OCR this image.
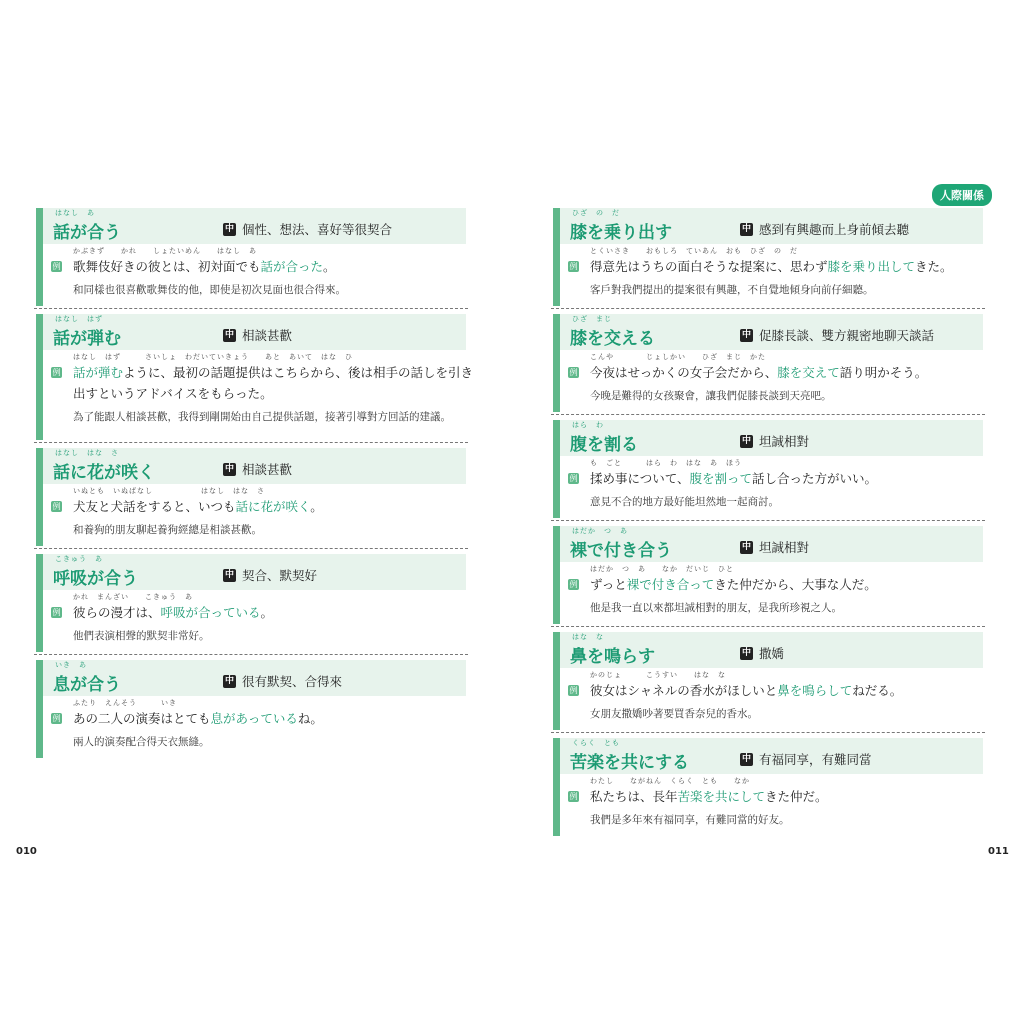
人際關係
はなし　あ
話が合う	中 個性、想法、喜好等很契合
かぶきず　　かれ　　しょたいめん　　はなし　あ
例 歌舞伎好きの彼とは、初対面でも話が合った。
和同樣也很喜歡歌舞伎的他，即使是初次見面也很合得來。
はなし　はず
話が弾む	中 相談甚歡
はなし　はず　　　さいしょ　わだいていきょう　　あと　あいて　はな　ひ
例 話が弾むように、最初の話題提供はこちらから、後は相手の話しを引き
出すというアドバイスをもらった。
為了能跟人相談甚歡，我得到剛開始由自己提供話題，接著引導對方回話的建議。
はなし　はな　さ
話に花が咲く	中 相談甚歡
いぬとも　いぬばなし　　　　　　はなし　はな　さ
例 犬友と犬話をすると、いつも話に花が咲く。
和養狗的朋友聊起養狗經總是相談甚歡。
こきゅう　あ
呼吸が合う	中 契合、默契好
かれ　まんざい　　こきゅう　あ
例 彼らの漫才は、呼吸が合っている。
他們表演相聲的默契非常好。
いき　あ
息が合う	中 很有默契、合得來
ふたり　えんそう　　　いき
例 あの二人の演奏はとても息があっているね。
兩人的演奏配合得天衣無縫。
ひざ　の　だ
膝を乗り出す	中 感到有興趣而上身前傾去聽
とくいさき　　おもしろ　ていあん　おも　ひざ　の　だ
例 得意先はうちの面白そうな提案に、思わず膝を乗り出してきた。
客戶對我們提出的提案很有興趣，不自覺地傾身向前仔細聽。
ひざ　まじ
膝を交える	中 促膝長談、雙方親密地聊天談話
こんや　　　　じょしかい　　ひざ　まじ　かた
例 今夜はせっかくの女子会だから、膝を交えて語り明かそう。
今晚是難得的女孩聚會，讓我們促膝長談到天亮吧。
はら　わ
腹を割る	中 坦誠相對
も　ごと　　　はら　わ　はな　あ　ほう
例 揉め事について、腹を割って話し合った方がいい。
意見不合的地方最好能坦然地一起商討。
はだか　つ　あ
裸で付き合う	中 坦誠相對
はだか　つ　あ　　なか　だいじ　ひと
例 ずっと裸で付き合ってきた仲だから、大事な人だ。
他是我一直以來都坦誠相對的朋友，是我所珍視之人。
はな　な
鼻を鳴らす	中 撒嬌
かのじょ　　　こうすい　　はな　な
例 彼女はシャネルの香水がほしいと鼻を鳴らしてねだる。
女朋友撒嬌吵著要買香奈兒的香水。
くらく　とも
苦楽を共にする	中 有福同享，有難同當
わたし　　ながねん　くらく　とも　　なか
例 私たちは、長年苦楽を共にしてきた仲だ。
我們是多年來有福同享，有難同當的好友。
010	011
